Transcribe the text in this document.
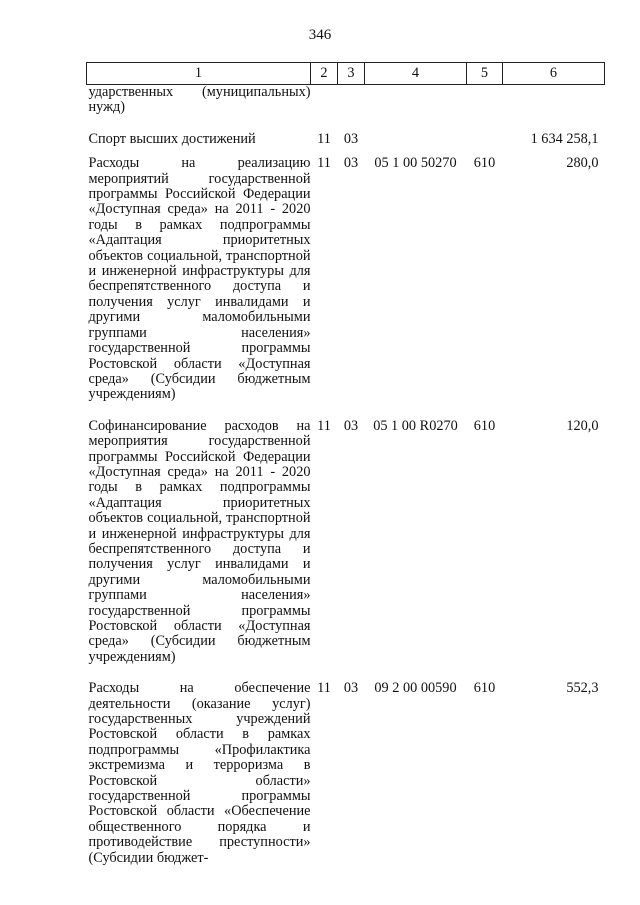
346
1	2	3	4	5	6
ударственных (муниципальных) нужд)					
Спорт высших достижений	11	03			1 634 258,1
Расходы на реализацию мероприятий государственной программы Российской Федерации «Доступная среда» на 2011 - 2020 годы в рамках подпрограммы «Адаптация приоритетных объектов социальной, транспортной и инженерной инфраструктуры для беспрепятственного доступа и получения услуг инвалидами и другими маломобильными группами населения» государственной программы Ростовской области «Доступная среда» (Субсидии бюджетным учреждениям)	11	03	05 1 00 50270	610	280,0
Софинансирование расходов на мероприятия государственной программы Российской Федерации «Доступная среда» на 2011 - 2020 годы в рамках подпрограммы «Адаптация приоритетных объектов социальной, транспортной и инженерной инфраструктуры для беспрепятственного доступа и получения услуг инвалидами и другими маломобильными группами населения» государственной программы Ростовской области «Доступная среда» (Субсидии бюджетным учреждениям)	11	03	05 1 00 R0270	610	120,0
Расходы на обеспечение деятельности (оказание услуг) государственных учреждений Ростовской области в рамках подпрограммы «Профилактика экстремизма и терроризма в Ростовской области» государственной программы Ростовской области «Обеспечение общественного порядка и противодействие преступности» (Субсидии бюджет-	11	03	09 2 00 00590	610	552,3
